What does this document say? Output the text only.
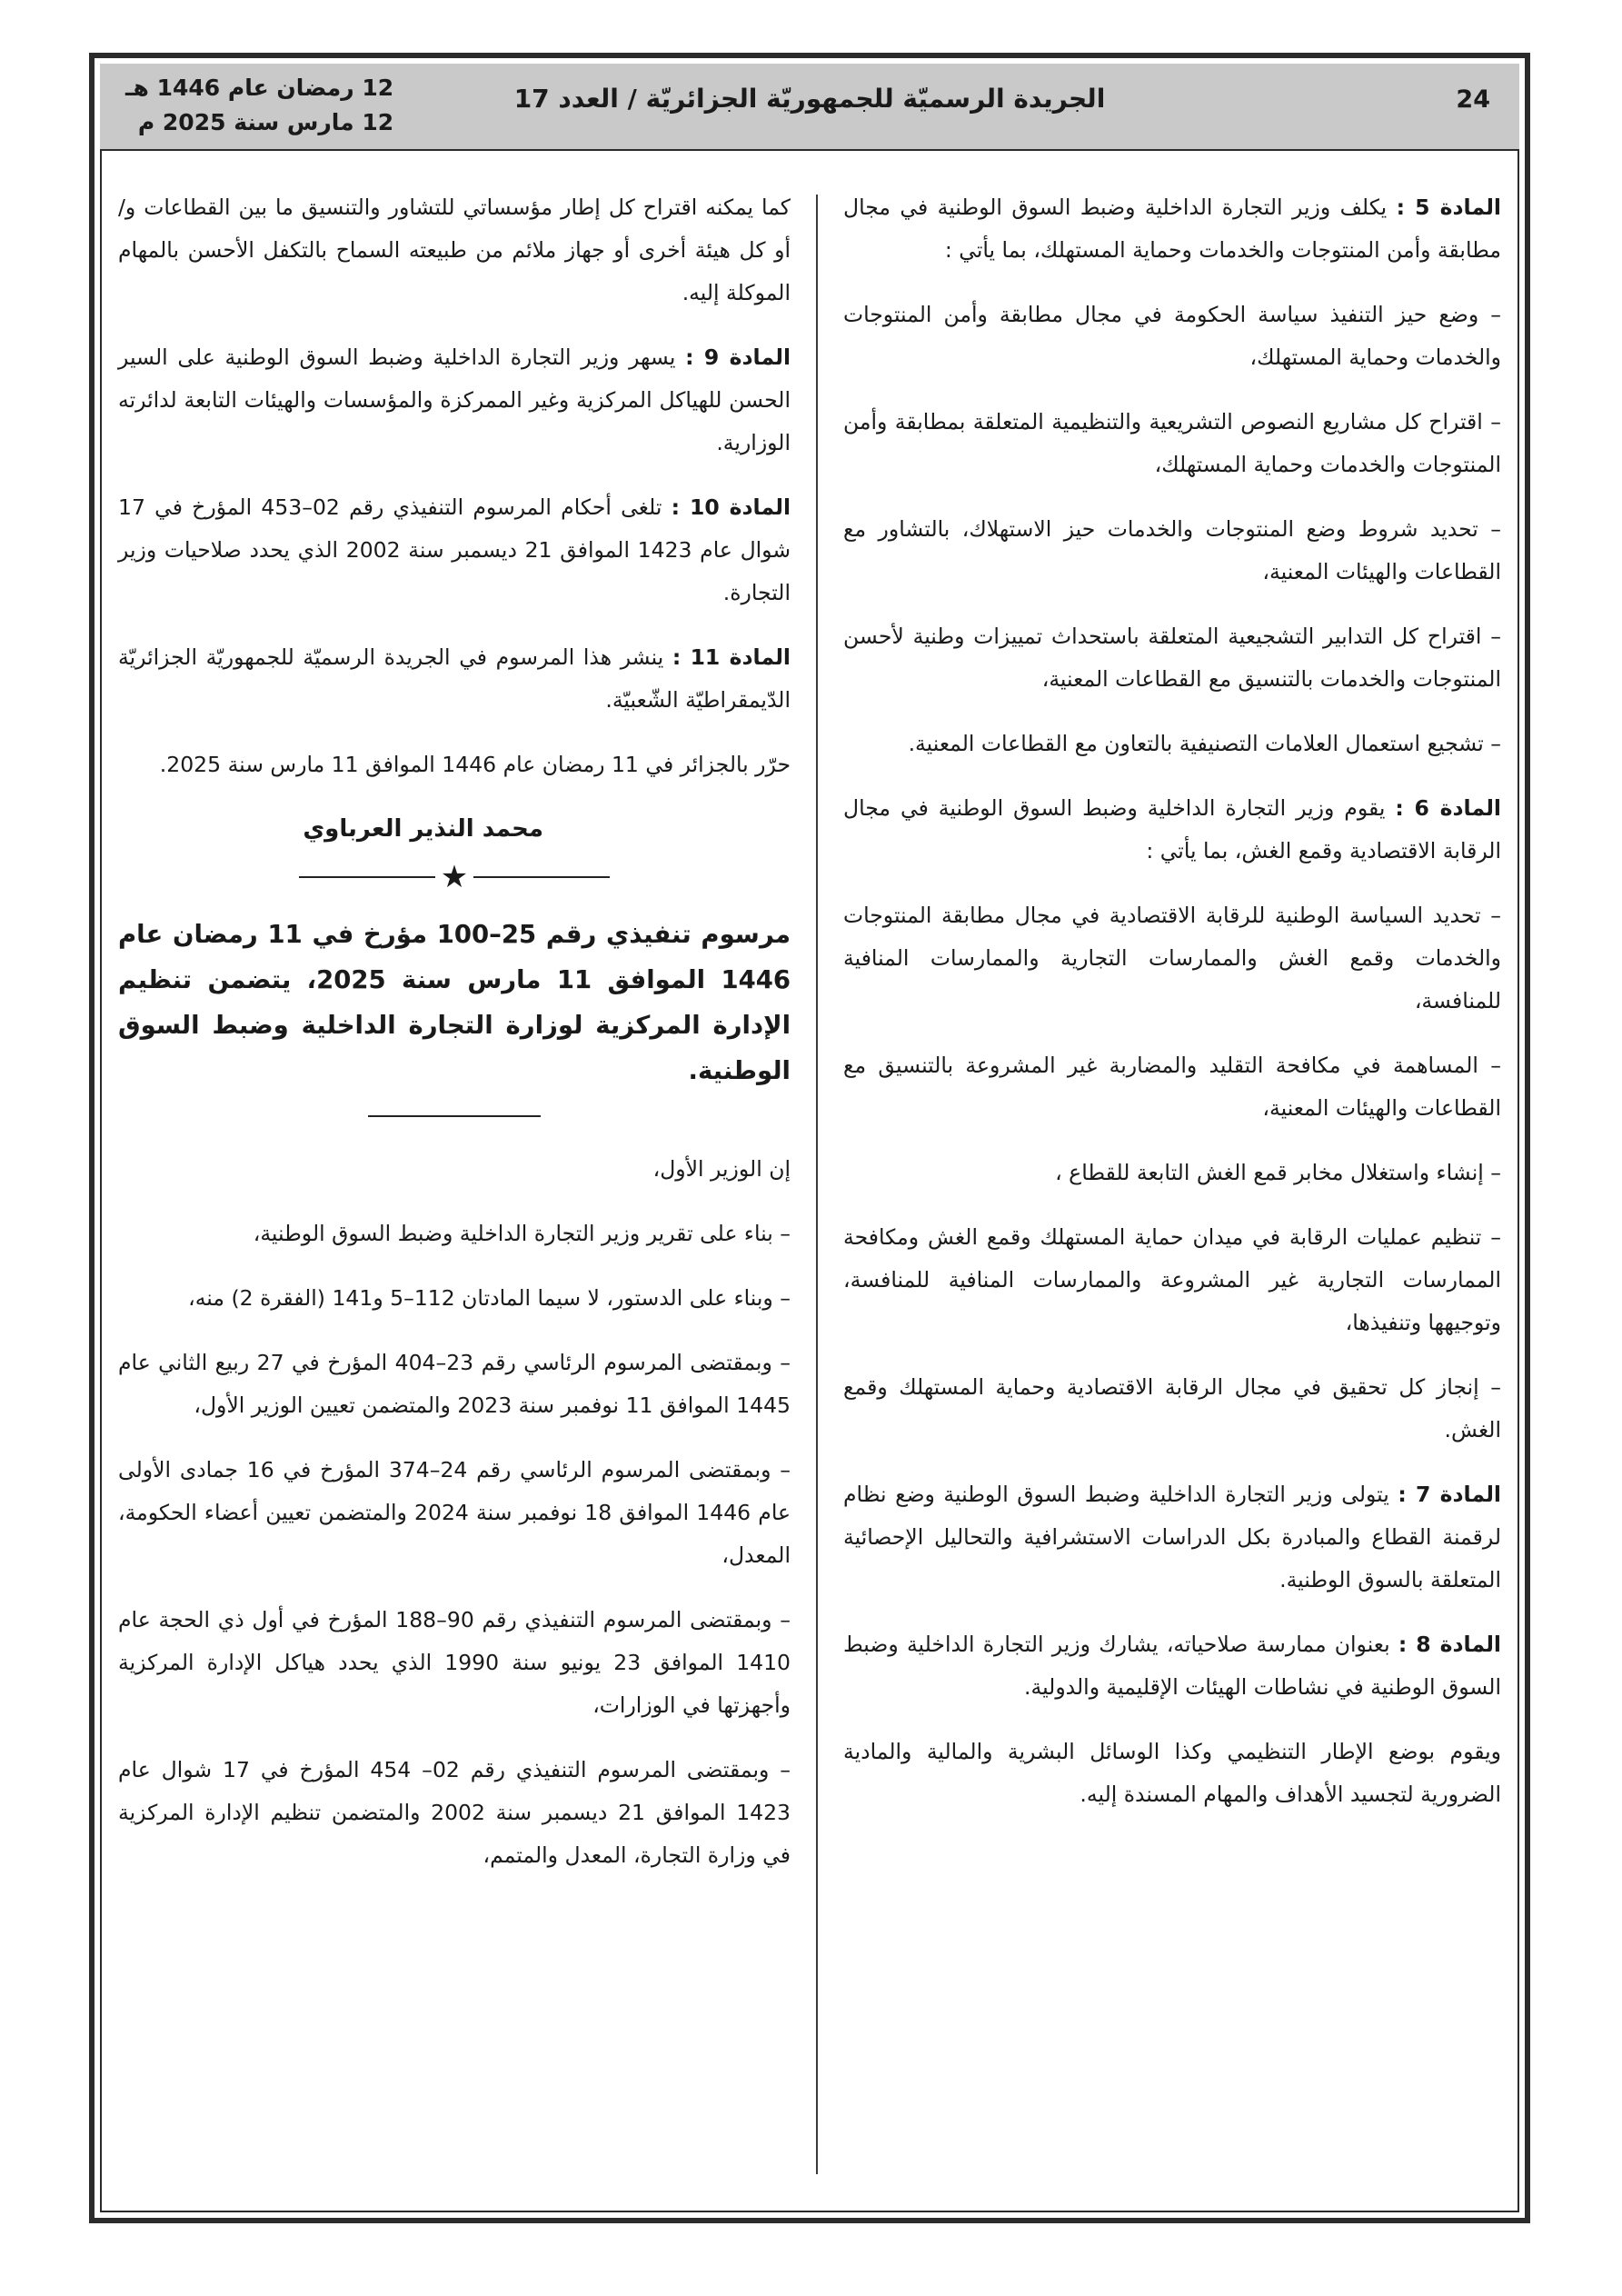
24
الجريدة الرسميّة للجمهوريّة الجزائريّة / العدد 17
12 رمضان عام 1446 هـ
12 مارس سنة 2025 م

المادة 5 : يكلف وزير التجارة الداخلية وضبط السوق الوطنية في مجال مطابقة وأمن المنتوجات والخدمات وحماية المستهلك، بما يأتي :

– وضع حيز التنفيذ سياسة الحكومة في مجال مطابقة وأمن المنتوجات والخدمات وحماية المستهلك،

– اقتراح كل مشاريع النصوص التشريعية والتنظيمية المتعلقة بمطابقة وأمن المنتوجات والخدمات وحماية المستهلك،

– تحديد شروط وضع المنتوجات والخدمات حيز الاستهلاك، بالتشاور مع القطاعات والهيئات المعنية،

– اقتراح كل التدابير التشجيعية المتعلقة باستحداث تمييزات وطنية لأحسن المنتوجات والخدمات بالتنسيق مع القطاعات المعنية،

– تشجيع استعمال العلامات التصنيفية بالتعاون مع القطاعات المعنية.

المادة 6 : يقوم وزير التجارة الداخلية وضبط السوق الوطنية في مجال الرقابة الاقتصادية وقمع الغش، بما يأتي :

– تحديد السياسة الوطنية للرقابة الاقتصادية في مجال مطابقة المنتوجات والخدمات وقمع الغش والممارسات التجارية والممارسات المنافية للمنافسة،

– المساهمة في مكافحة التقليد والمضاربة غير المشروعة بالتنسيق مع القطاعات والهيئات المعنية،

– إنشاء واستغلال مخابر قمع الغش التابعة للقطاع ،

– تنظيم عمليات الرقابة في ميدان حماية المستهلك وقمع الغش ومكافحة الممارسات التجارية غير المشروعة والممارسات المنافية للمنافسة، وتوجيهها وتنفيذها،

– إنجاز كل تحقيق في مجال الرقابة الاقتصادية وحماية المستهلك وقمع الغش.

المادة 7 : يتولى وزير التجارة الداخلية وضبط السوق الوطنية وضع نظام لرقمنة القطاع والمبادرة بكل الدراسات الاستشرافية والتحاليل الإحصائية المتعلقة بالسوق الوطنية.

المادة 8 : بعنوان ممارسة صلاحياته، يشارك وزير التجارة الداخلية وضبط السوق الوطنية في نشاطات الهيئات الإقليمية والدولية.

ويقوم بوضع الإطار التنظيمي وكذا الوسائل البشرية والمالية والمادية الضرورية لتجسيد الأهداف والمهام المسندة إليه.

كما يمكنه اقتراح كل إطار مؤسساتي للتشاور والتنسيق ما بين القطاعات و/أو كل هيئة أخرى أو جهاز ملائم من طبيعته السماح بالتكفل الأحسن بالمهام الموكلة إليه.

المادة 9 : يسهر وزير التجارة الداخلية وضبط السوق الوطنية على السير الحسن للهياكل المركزية وغير الممركزة والمؤسسات والهيئات التابعة لدائرته الوزارية.

المادة 10 : تلغى أحكام المرسوم التنفيذي رقم 02–453 المؤرخ في 17 شوال عام 1423 الموافق 21 ديسمبر سنة 2002 الذي يحدد صلاحيات وزير التجارة.

المادة 11 : ينشر هذا المرسوم في الجريدة الرسميّة للجمهوريّة الجزائريّة الدّيمقراطيّة الشّعبيّة.

حرّر بالجزائر في 11 رمضان عام 1446 الموافق 11 مارس سنة 2025.

محمد النذير العرباوي
★

مرسوم تنفيذي رقم 25–100 مؤرخ في 11 رمضان عام 1446 الموافق 11 مارس سنة 2025، يتضمن تنظيم الإدارة المركزية لوزارة التجارة الداخلية وضبط السوق الوطنية.

إن الوزير الأول،

– بناء على تقرير وزير التجارة الداخلية وضبط السوق الوطنية،

– وبناء على الدستور، لا سيما المادتان 112–5 و141 (الفقرة 2) منه،

– وبمقتضى المرسوم الرئاسي رقم 23–404 المؤرخ في 27 ربيع الثاني عام 1445 الموافق 11 نوفمبر سنة 2023 والمتضمن تعيين الوزير الأول،

– وبمقتضى المرسوم الرئاسي رقم 24–374 المؤرخ في 16 جمادى الأولى عام 1446 الموافق 18 نوفمبر سنة 2024 والمتضمن تعيين أعضاء الحكومة، المعدل،

– وبمقتضى المرسوم التنفيذي رقم 90–188 المؤرخ في أول ذي الحجة عام 1410 الموافق 23 يونيو سنة 1990 الذي يحدد هياكل الإدارة المركزية وأجهزتها في الوزارات،

– وبمقتضى المرسوم التنفيذي رقم 02– 454 المؤرخ في 17 شوال عام 1423 الموافق 21 ديسمبر سنة 2002 والمتضمن تنظيم الإدارة المركزية في وزارة التجارة، المعدل والمتمم،
